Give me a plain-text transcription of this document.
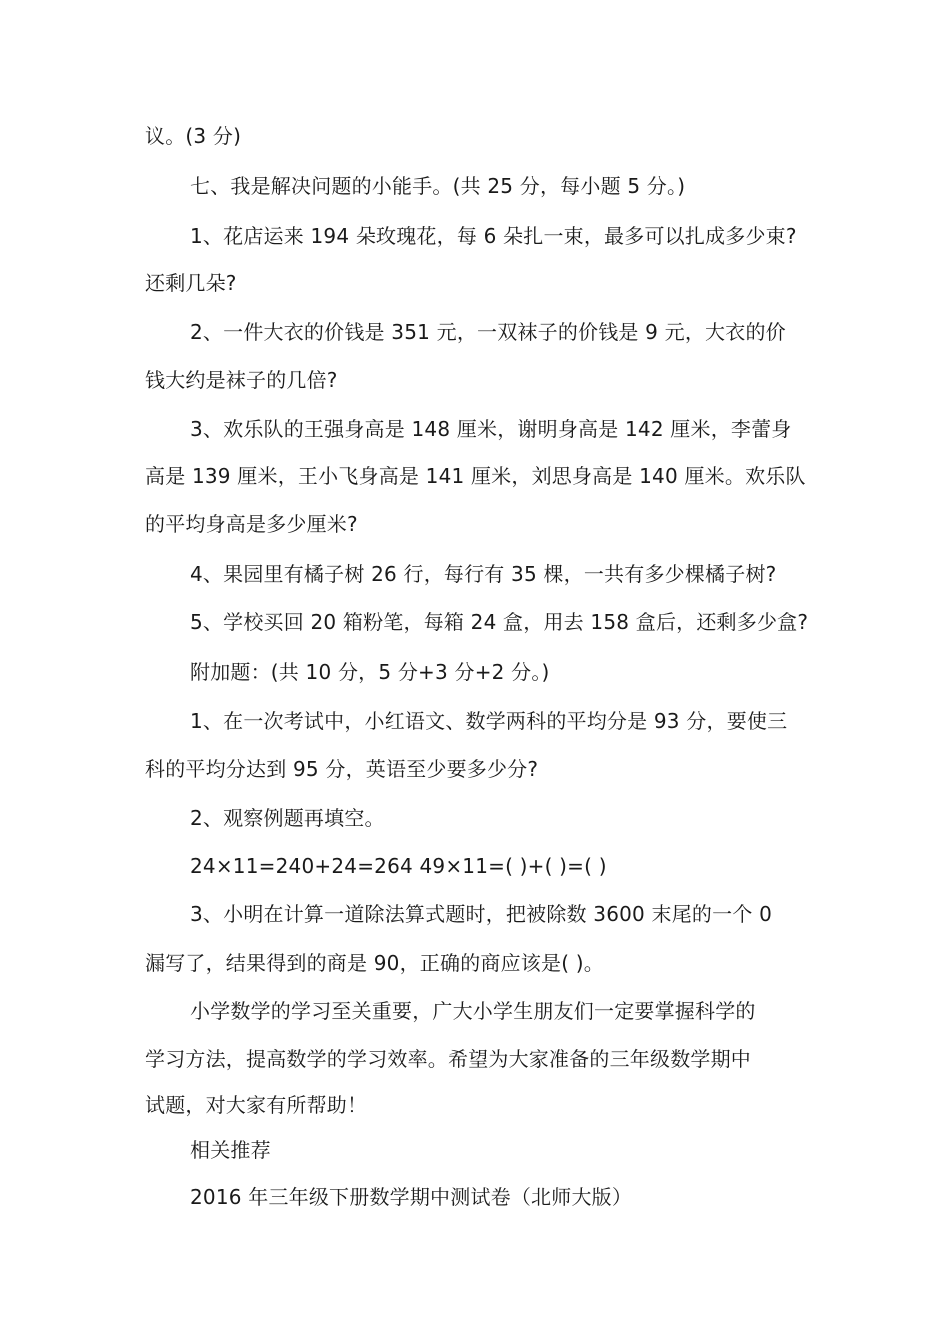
议。(3 分)
七、我是解决问题的小能手。(共 25 分，每小题 5 分。)
1、花店运来 194 朵玫瑰花，每 6 朵扎一束，最多可以扎成多少束?
还剩几朵?
2、一件大衣的价钱是 351 元，一双袜子的价钱是 9 元，大衣的价
钱大约是袜子的几倍?
3、欢乐队的王强身高是 148 厘米，谢明身高是 142 厘米，李蕾身
高是 139 厘米，王小飞身高是 141 厘米，刘思身高是 140 厘米。欢乐队
的平均身高是多少厘米?
4、果园里有橘子树 26 行，每行有 35 棵，一共有多少棵橘子树?
5、学校买回 20 箱粉笔，每箱 24 盒，用去 158 盒后，还剩多少盒?
附加题：(共 10 分，5 分+3 分+2 分。)
1、在一次考试中，小红语文、数学两科的平均分是 93 分，要使三
科的平均分达到 95 分，英语至少要多少分?
2、观察例题再填空。
24×11=240+24=264 49×11=( )+( )=( )
3、小明在计算一道除法算式题时，把被除数 3600 末尾的一个 0
漏写了，结果得到的商是 90，正确的商应该是( )。
小学数学的学习至关重要，广大小学生朋友们一定要掌握科学的
学习方法，提高数学的学习效率。希望为大家准备的三年级数学期中
试题，对大家有所帮助！
相关推荐
2016 年三年级下册数学期中测试卷（北师大版）
